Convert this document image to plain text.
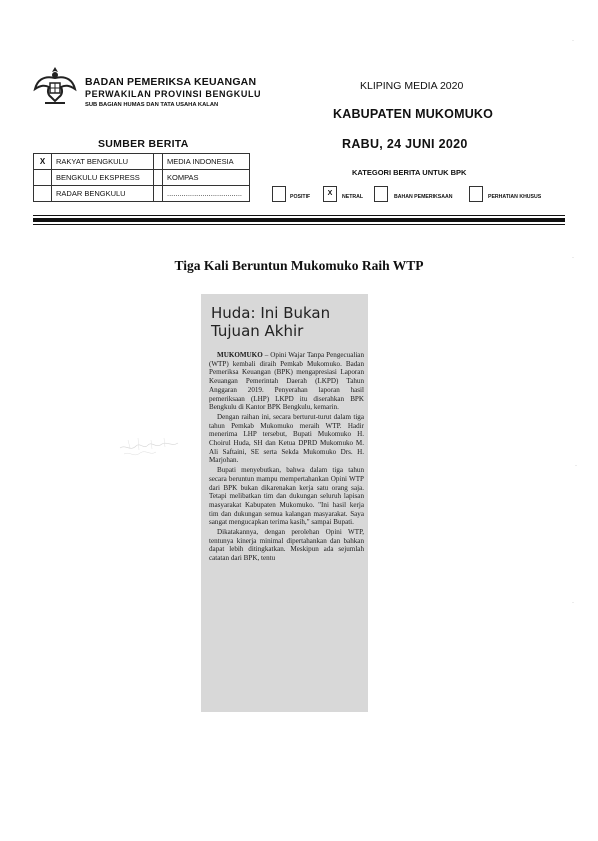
BADAN PEMERIKSA KEUANGAN
PERWAKILAN PROVINSI BENGKULU
SUB BAGIAN HUMAS DAN TATA USAHA KALAN
KLIPING MEDIA 2020
KABUPATEN MUKOMUKO
RABU, 24 JUNI 2020
SUMBER BERITA
X	RAKYAT BENGKULU		MEDIA INDONESIA
	BENGKULU EKSPRESS		KOMPAS
	RADAR BENGKULU		....................................
KATEGORI BERITA UNTUK BPK
POSITIF	X	NETRAL	BAHAN PEMERIKSAAN	PERHATIAN KHUSUS
Tiga Kali Beruntun Mukomuko Raih WTP
Huda: Ini Bukan Tujuan Akhir

MUKOMUKO – Opini Wajar Tanpa Pengecualian (WTP) kembali diraih Pemkab Mukomuko. Badan Pemeriksa Keuangan (BPK) mengapresiasi Laporan Keuangan Pemerintah Daerah (LKPD) Tahun Anggaran 2019. Penyerahan laporan hasil pemeriksaan (LHP) LKPD itu diserahkan BPK Bengkulu di Kantor BPK Bengkulu, kemarin.

Dengan raihan ini, secara berturut-turut dalam tiga tahun Pemkab Mukomuko meraih WTP. Hadir menerima LHP tersebut, Bupati Mukomuko H. Choirul Huda, SH dan Ketua DPRD Mukomuko M. Ali Saftaini, SE serta Sekda Mukomuko Drs. H. Marjohan.

Bupati menyebutkan, bahwa dalam tiga tahun secara beruntun mampu mempertahankan Opini WTP dari BPK bukan dikarenakan kerja satu orang saja. Tetapi melibatkan tim dan dukungan seluruh lapisan masyarakat Kabupaten Mukomuko. "Ini hasil kerja tim dan dukungan semua kalangan masyarakat. Saya sangat mengucapkan terima kasih," sampai Bupati.

Dikatakannya, dengan perolehan Opini WTP, tentunya kinerja minimal dipertahankan dan bahkan dapat lebih ditingkatkan. Meskipun ada sejumlah catatan dari BPK, tentu

·
·
·
·
